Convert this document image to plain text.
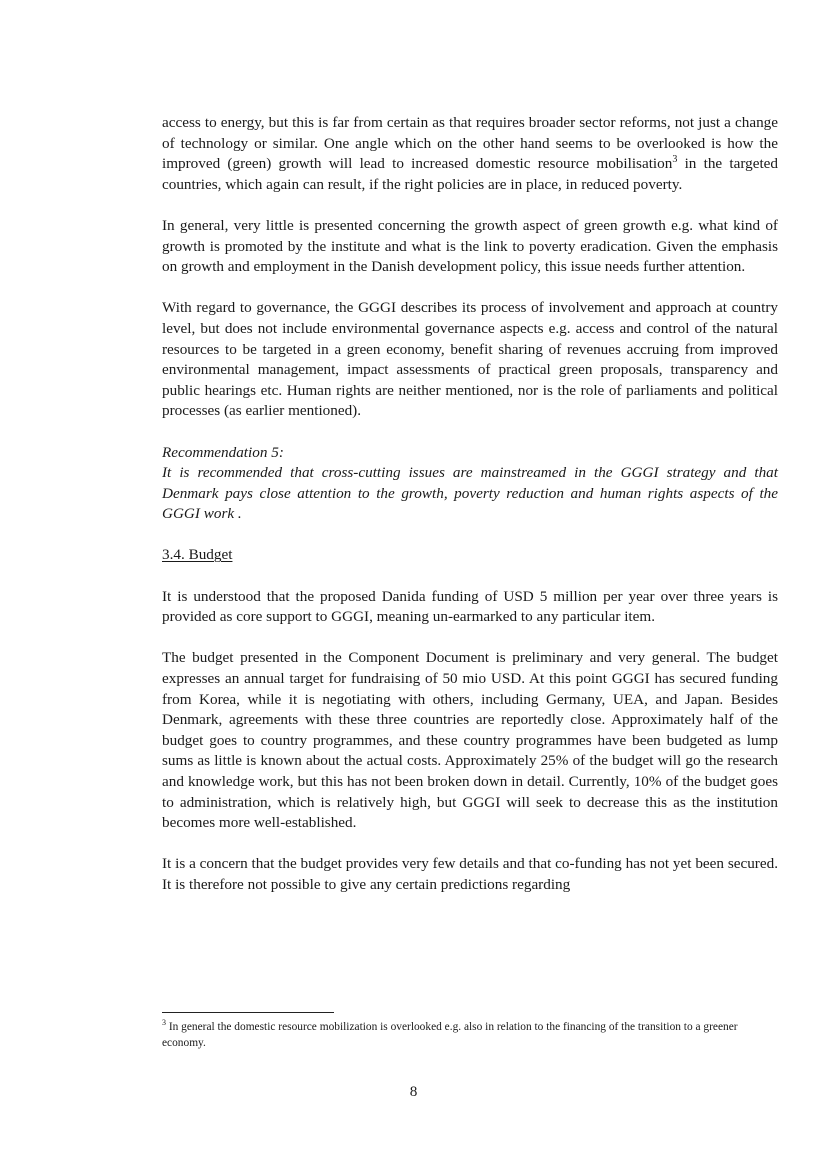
access to energy, but this is far from certain as that requires broader sector reforms, not just a change of technology or similar. One angle which on the other hand seems to be overlooked is how the improved (green) growth will lead to increased domestic resource mobilisation$^3$ in the targeted countries, which again can result, if the right policies are in place, in reduced poverty.

In general, very little is presented concerning the growth aspect of green growth e.g. what kind of growth is promoted by the institute and what is the link to poverty eradication. Given the emphasis on growth and employment in the Danish development policy, this issue needs further attention.

With regard to governance, the GGGI describes its process of involvement and approach at country level, but does not include environmental governance aspects e.g. access and control of the natural resources to be targeted in a green economy, benefit sharing of revenues accruing from improved environmental management, impact assessments of practical green proposals, transparency and public hearings etc. Human rights are neither mentioned, nor is the role of parliaments and political processes (as earlier mentioned).

Recommendation 5:

It is recommended that cross-cutting issues are mainstreamed in the GGGI strategy and that Denmark pays close attention to the growth, poverty reduction and human rights aspects of the GGGI work .

3.4. Budget

It is understood that the proposed Danida funding of USD 5 million per year over three years is provided as core support to GGGI, meaning un-earmarked to any particular item.

The budget presented in the Component Document is preliminary and very general. The budget expresses an annual target for fundraising of 50 mio USD. At this point GGGI has secured funding from Korea, while it is negotiating with others, including Germany, UEA, and Japan. Besides Denmark, agreements with these three countries are reportedly close. Approximately half of the budget goes to country programmes, and these country programmes have been budgeted as lump sums as little is known about the actual costs. Approximately 25% of the budget will go the research and knowledge work, but this has not been broken down in detail. Currently, 10% of the budget goes to administration, which is relatively high, but GGGI will seek to decrease this as the institution becomes more well-established.

It is a concern that the budget provides very few details and that co-funding has not yet been secured. It is therefore not possible to give any certain predictions regarding

$^3$ In general the domestic resource mobilization is overlooked e.g. also in relation to the financing of the transition to a greener economy.

8
